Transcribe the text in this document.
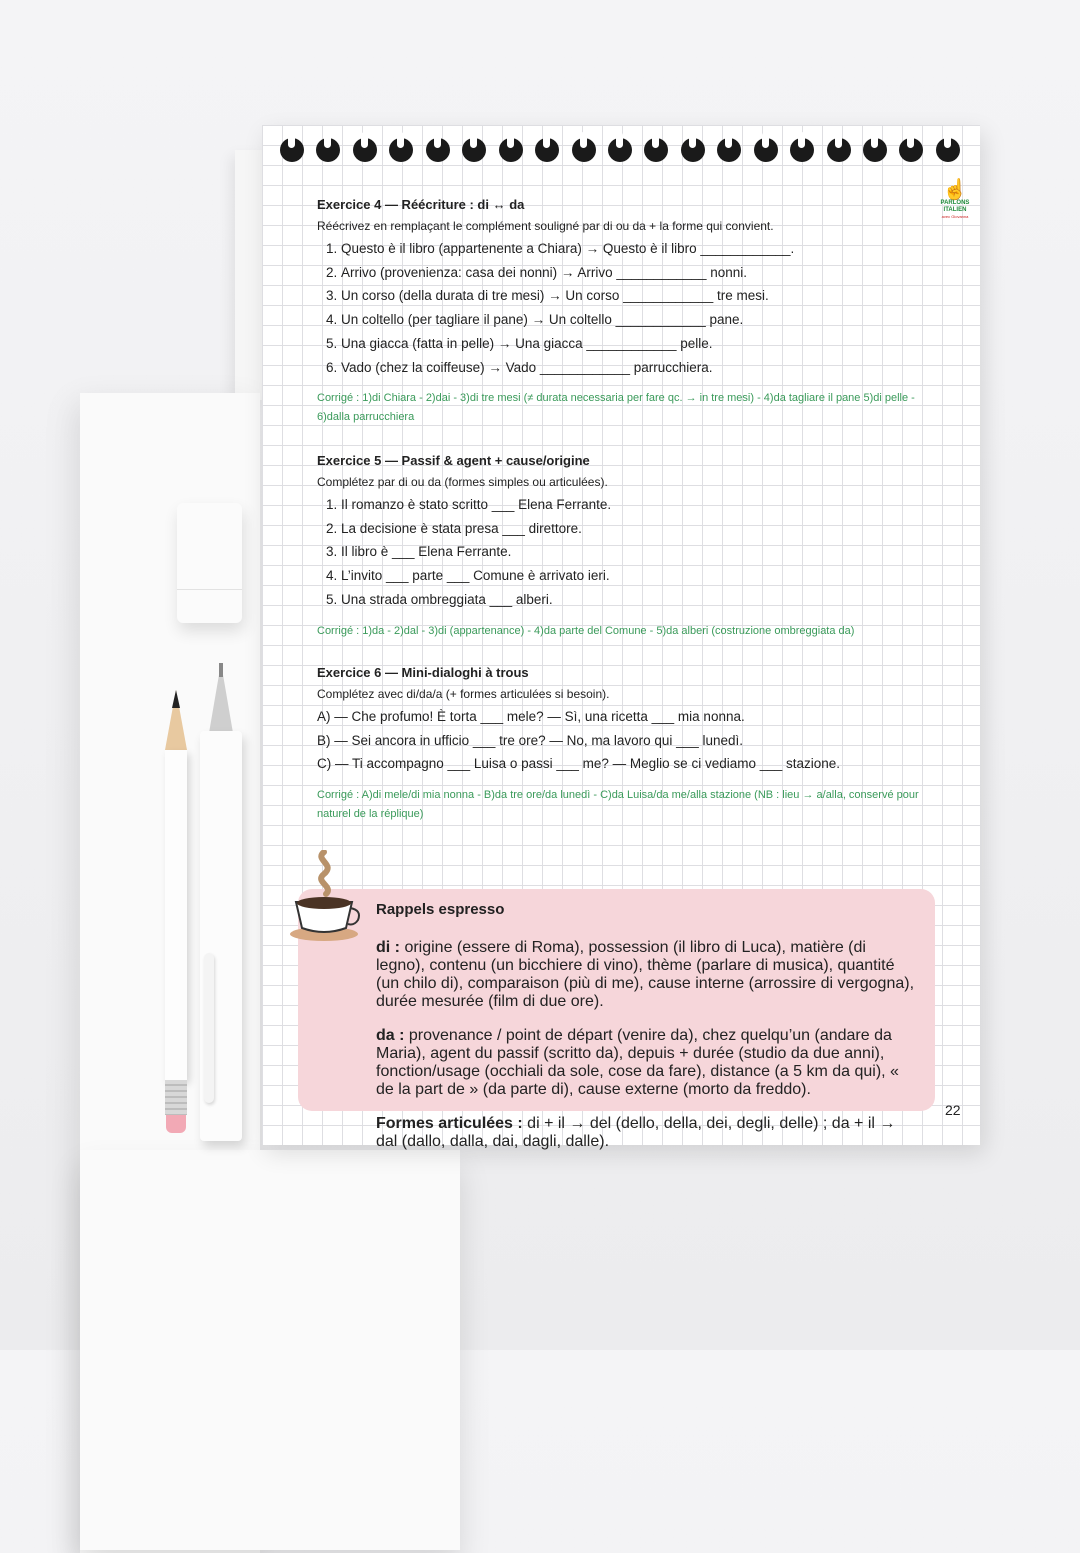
☝
PARLONS
ITALIEN
avec Giovanna

Exercice 4 — Réécriture : di ↔ da

Réécrivez en remplaçant le complément souligné par di ou da + la forme qui convient.

1. Questo è il libro (appartenente a Chiara) → Questo è il libro ____________.
2. Arrivo (provenienza: casa dei nonni) → Arrivo ____________ nonni.
3. Un corso (della durata di tre mesi) → Un corso ____________ tre mesi.
4. Un coltello (per tagliare il pane) → Un coltello ____________ pane.
5. Una giacca (fatta in pelle) → Una giacca ____________ pelle.
6. Vado (chez la coiffeuse) → Vado ____________ parrucchiera.
Corrigé : 1)di Chiara - 2)dai - 3)di tre mesi (≠ durata necessaria per fare qc. → in tre mesi) - 4)da tagliare il pane 5)di pelle - 6)dalla parrucchiera

Exercice 5 — Passif & agent + cause/origine

Complétez par di ou da (formes simples ou articulées).

1. Il romanzo è stato scritto ___ Elena Ferrante.
2. La decisione è stata presa ___ direttore.
3. Il libro è ___ Elena Ferrante.
4. L’invito ___ parte ___ Comune è arrivato ieri.
5. Una strada ombreggiata ___ alberi.
Corrigé : 1)da - 2)dal - 3)di (appartenance) - 4)da parte del Comune - 5)da alberi (costruzione ombreggiata da)

Exercice 6 — Mini-dialoghi à trous

Complétez avec di/da/a (+ formes articulées si besoin).

A) — Che profumo! È torta ___ mele? — Sì, una ricetta ___ mia nonna.
B) — Sei ancora in ufficio ___ tre ore? — No, ma lavoro qui ___ lunedì.
C) — Ti accompagno ___ Luisa o passi ___ me? — Meglio se ci vediamo ___ stazione.
Corrigé : A)di mele/di mia nonna - B)da tre ore/da lunedì - C)da Luisa/da me/alla stazione (NB : lieu → a/alla, conservé pour naturel de la réplique)

Rappels espresso

di : origine (essere di Roma), possession (il libro di Luca), matière (di legno), contenu (un bicchiere di vino), thème (parlare di musica), quantité (un chilo di), comparaison (più di me), cause interne (arrossire di vergogna), durée mesurée (film di due ore).

da : provenance / point de départ (venire da), chez quelqu’un (andare da Maria), agent du passif (scritto da), depuis + durée (studio da due anni), fonction/usage (occhiali da sole, cose da fare), distance (a 5 km da qui), « de la part de » (da parte di), cause externe (morto da freddo).

Formes articulées : di + il → del (dello, della, dei, degli, delle) ; da + il → dal (dallo, dalla, dai, dagli, dalle).

22
